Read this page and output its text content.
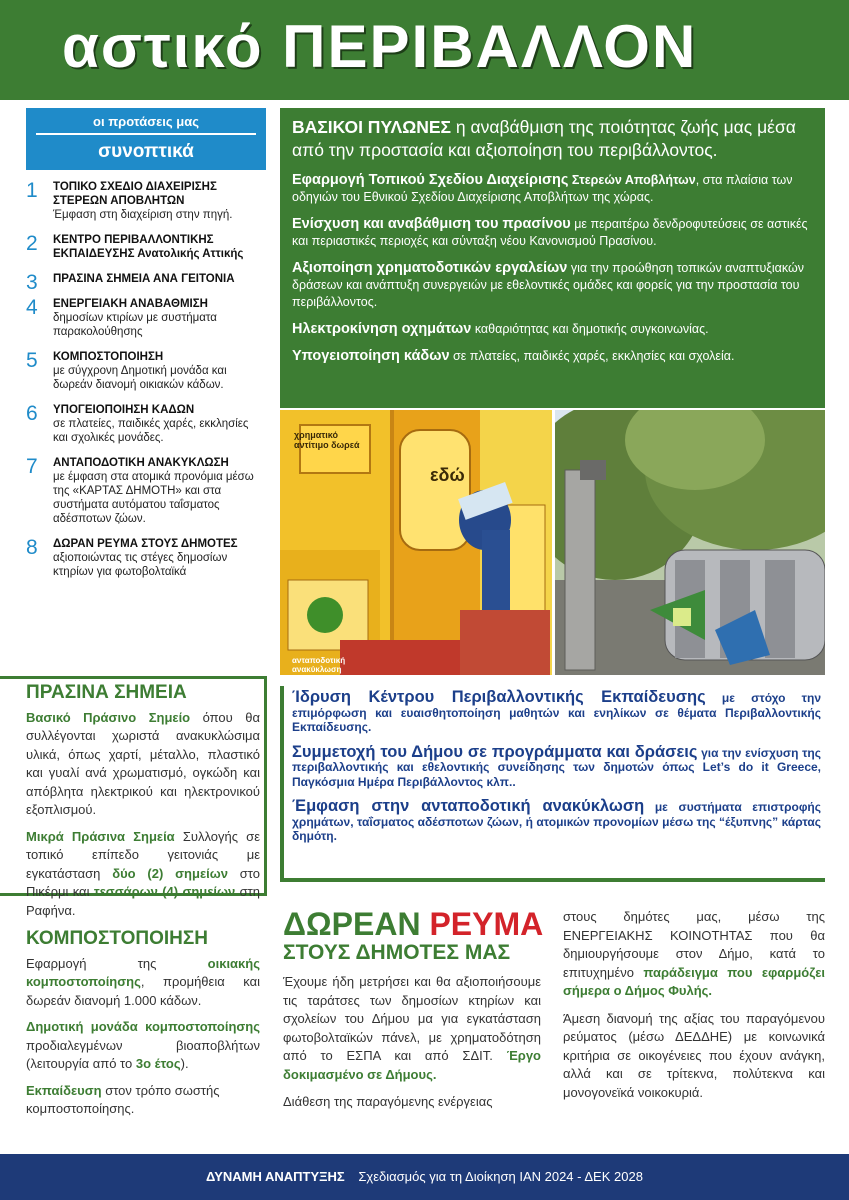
αστικό ΠΕΡΙΒΑΛΛΟΝ
οι προτάσεις μας
συνοπτικά
1 ΤΟΠΙΚΟ ΣΧΕΔΙΟ ΔΙΑΧΕΙΡΙΣΗΣ ΣΤΕΡΕΩΝ ΑΠΟΒΛΗΤΩΝ
Έμφαση στη διαχείριση στην πηγή.
2 ΚΕΝΤΡΟ ΠΕΡΙΒΑΛΛΟΝΤΙΚΗΣ ΕΚΠΑΙΔΕΥΣΗΣ Ανατολικής Αττικής
3 ΠΡΑΣΙΝΑ ΣΗΜΕΙΑ ΑΝΑ ΓΕΙΤΟΝΙΑ
4 ΕΝΕΡΓΕΙΑΚΗ ΑΝΑΒΑΘΜΙΣΗ
δημοσίων κτιρίων με συστήματα παρακολούθησης
5 ΚΟΜΠΟΣΤΟΠΟΙΗΣΗ
με σύγχρονη Δημοτική μονάδα και δωρεάν διανομή οικιακών κάδων.
6 ΥΠΟΓΕΙΟΠΟΙΗΣΗ ΚΑΔΩΝ
σε πλατείες, παιδικές χαρές, εκκλησίες και σχολικές μονάδες.
7 ΑΝΤΑΠΟΔΟΤΙΚΗ ΑΝΑΚΥΚΛΩΣΗ
με έμφαση στα ατομικά προνόμια μέσω της «ΚΑΡΤΑΣ ΔΗΜΟΤΗ» και στα συστήματα αυτόματου ταΐσματος αδέσποτων ζώων.
8 ΔΩΡΑΝ ΡΕΥΜΑ ΣΤΟΥΣ ΔΗΜΟΤΕΣ
αξιοποιώντας τις στέγες δημοσίων κτηρίων για φωτοβολταϊκά
ΠΡΑΣΙΝΑ ΣΗΜΕΙΑ

Βασικό Πράσινο Σημείο όπου θα συλλέγονται χωριστά ανακυκλώσιμα υλικά, όπως χαρτί, μέταλλο, πλαστικό και γυαλί ανά χρωματισμό, ογκώδη και απόβλητα ηλεκτρικού και ηλεκτρονικού εξοπλισμού.

Μικρά Πράσινα Σημεία Συλλογής σε τοπικό επίπεδο γειτονιάς με εγκατάσταση δύο (2) σημείων στο Πικέρμι και τεσσάρων (4) σημείων στη Ραφήνα.

ΚΟΜΠΟΣΤΟΠΟΙΗΣΗ

Εφαρμογή της οικιακής κομποστοποίησης, προμήθεια και δωρεάν διανομή 1.000 κάδων.

Δημοτική μονάδα κομποστοποίησης προδιαλεγμένων βιοαποβλήτων (λειτουργία από το 3ο έτος).

Εκπαίδευση στον τρόπο σωστής κομποστοποίησης.

ΒΑΣΙΚΟΙ ΠΥΛΩΝΕΣ η αναβάθμιση της ποιότητας ζωής μας μέσα από την προστασία και αξιοποίηση του περιβάλλοντος.
Εφαρμογή Τοπικού Σχεδίου Διαχείρισης Στερεών Αποβλήτων, στα πλαίσια των οδηγιών του Εθνικού Σχεδίου Διαχείρισης Αποβλήτων της χώρας.
Ενίσχυση και αναβάθμιση του πρασίνου με περαιτέρω δενδροφυτεύσεις σε αστικές και περιαστικές περιοχές και σύνταξη νέου Κανονισμού Πρασίνου.
Αξιοποίηση χρηματοδοτικών εργαλείων για την προώθηση τοπικών αναπτυξιακών δράσεων και ανάπτυξη συνεργειών με εθελοντικές ομάδες και φορείς για την προστασία του περιβάλλοντος.
Ηλεκτροκίνηση οχημάτων καθαριότητας και δημοτικής συγκοινωνίας.
Υπογειοποίηση κάδων σε πλατείες, παιδικές χαρές, εκκλησίες και σχολεία.
χρηματικό αντίτιμο δωρεά
εδώ
ανταποδοτική ανακύκλωση

Ίδρυση Κέντρου Περιβαλλοντικής Εκπαίδευσης με στόχο την επιμόρφωση και ευαισθητοποίηση μαθητών και ενηλίκων σε θέματα Περιβαλλοντικής Εκπαίδευσης.

Συμμετοχή του Δήμου σε προγράμματα και δράσεις για την ενίσχυση της περιβαλλοντικής και εθελοντικής συνείδησης των δημοτών όπως Let’s do it Greece, Παγκόσμια Ημέρα Περιβάλλοντος κλπ..

Έμφαση στην ανταποδοτική ανακύκλωση με συστήματα επιστροφής χρημάτων, ταΐσματος αδέσποτων ζώων, ή ατομικών προνομίων μέσω της “έξυπνης” κάρτας δημότη.

ΔΩΡΕΑΝ ΡΕΥΜΑ
ΣΤΟΥΣ ΔΗΜΟΤΕΣ ΜΑΣ

Έχουμε ήδη μετρήσει και θα αξιοποιήσουμε τις ταράτσες των δημοσίων κτηρίων και σχολείων του Δήμου μα για εγκατάσταση φωτοβολταϊκών πάνελ, με χρηματοδότηση από το ΕΣΠΑ και από ΣΔΙΤ. Έργο δοκιμασμένο σε Δήμους.

Διάθεση της παραγόμενης ενέργειας

στους δημότες μας, μέσω της ΕΝΕΡΓΕΙΑΚΗΣ ΚΟΙΝΟΤΗΤΑΣ που θα δημιουργήσουμε στον Δήμο, κατά το επιτυχημένο παράδειγμα που εφαρμόζει σήμερα ο Δήμος Φυλής.

Άμεση διανομή της αξίας του παραγόμενου ρεύματος (μέσω ΔΕΔΔΗΕ) με κοινωνικά κριτήρια σε οικογένειες που έχουν ανάγκη, αλλά και σε τρίτεκνα, πολύτεκνα και μονογονεϊκά νοικοκυριά.

ΔΥΝΑΜΗ ΑΝΑΠΤΥΞΗΣ Σχεδιασμός για τη Διοίκηση ΙΑΝ 2024 - ΔΕΚ 2028
